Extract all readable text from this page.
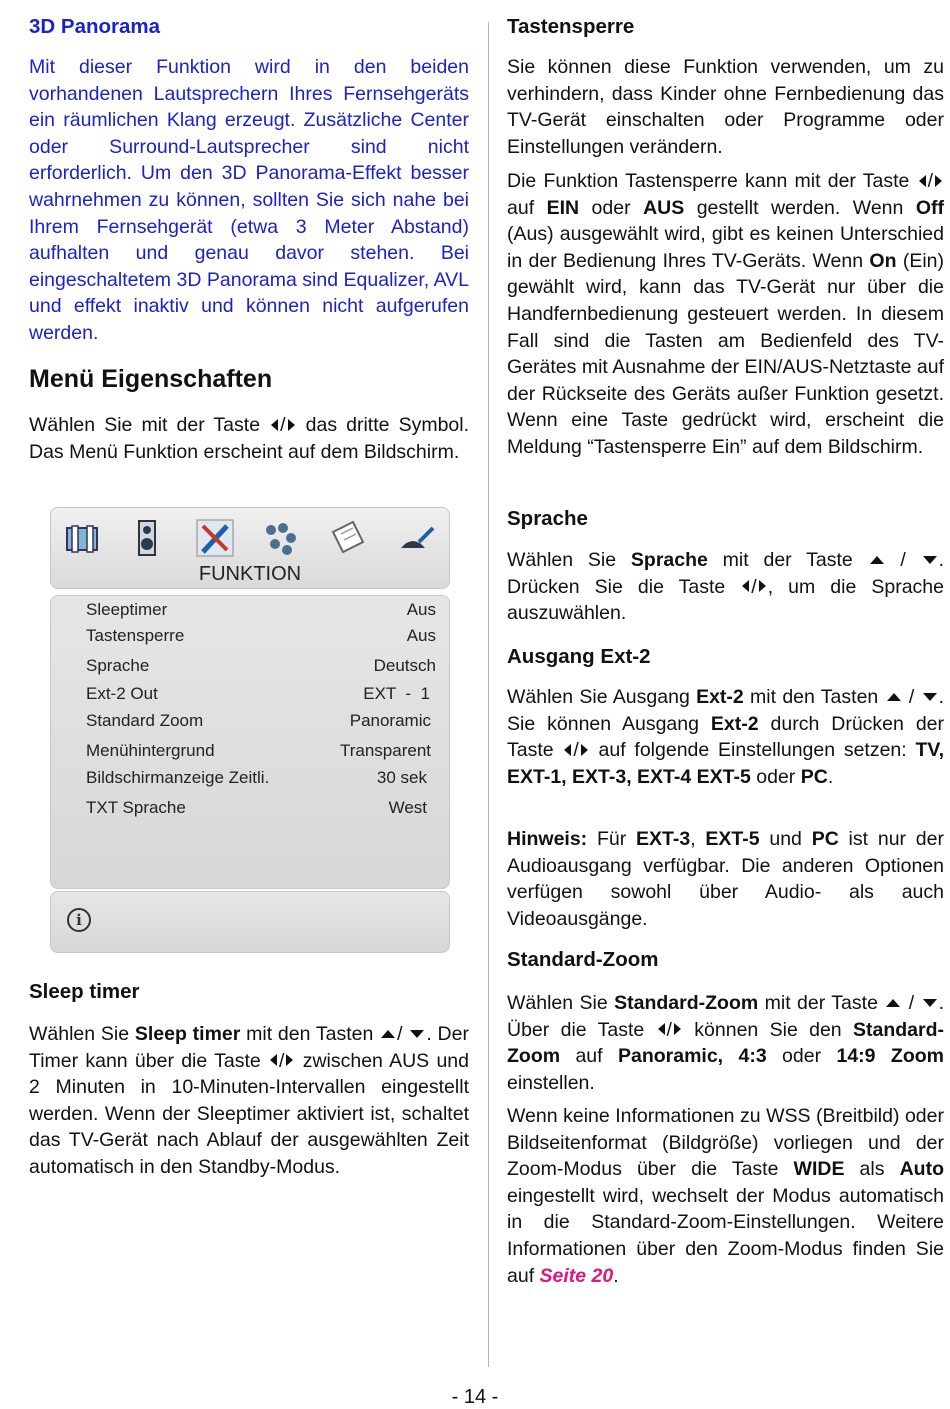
3D Panorama

Mit dieser Funktion wird in den beiden vorhandenen Lautsprechern Ihres Fernsehgeräts ein räumlichen Klang erzeugt. Zusätzliche Center oder Surround-Lautsprecher sind nicht erforderlich. Um den 3D Panorama-Effekt besser wahrnehmen zu können, sollten Sie sich nahe bei Ihrem Fernsehgerät (etwa 3 Meter Abstand) aufhalten und genau davor stehen. Bei eingeschaltetem 3D Panorama sind Equalizer, AVL und effekt inaktiv und können nicht aufgerufen werden.

Menü Eigenschaften

Wählen Sie mit der Taste / das dritte Symbol. Das Menü Funktion erscheint auf dem Bildschirm.

Sleep timer

Wählen Sie Sleep timer mit den Tasten / . Der Timer kann über die Taste / zwischen AUS und 2 Minuten in 10-Minuten-Intervallen eingestellt werden. Wenn der Sleeptimer aktiviert ist, schaltet das TV-Gerät nach Ablauf der ausgewählten Zeit automatisch in den Standby-Modus.

FUNKTION
Sleeptimer	Aus
Tastensperre	Aus
Sprache	Deutsch
Ext-2 Out	EXT  -  1
Standard Zoom	Panoramic
Menühintergrund	Transparent
Bildschirmanzeige Zeitli.	30 sek
TXT Sprache	West
i
Tastensperre

Sie können diese Funktion verwenden, um zu verhindern, dass Kinder ohne Fernbedienung das TV-Gerät einschalten oder Programme oder Einstellungen verändern.

Die Funktion Tastensperre kann mit der Taste / auf EIN oder AUS gestellt werden. Wenn Off (Aus) ausgewählt wird, gibt es keinen Unterschied in der Bedienung Ihres TV-Geräts. Wenn On (Ein) gewählt wird, kann das TV-Gerät nur über die Handfernbedienung gesteuert werden. In diesem Fall sind die Tasten am Bedienfeld des TV-Gerätes mit Ausnahme der EIN/AUS-Netztaste auf der Rückseite des Geräts außer Funktion gesetzt. Wenn eine Taste gedrückt wird, erscheint die Meldung “Tastensperre Ein” auf dem Bildschirm.

Sprache

Wählen Sie Sprache mit der Taste  / . Drücken Sie die Taste / , um die Sprache auszuwählen.

Ausgang Ext-2

Wählen Sie Ausgang Ext-2 mit den Tasten  / . Sie können Ausgang Ext-2 durch Drücken der Taste / auf folgende Einstellungen setzen: TV, EXT-1, EXT-3, EXT-4 EXT-5 oder PC.

Hinweis: Für EXT-3, EXT-5 und PC ist nur der Audioausgang verfügbar. Die anderen Optionen verfügen sowohl über Audio- als auch Videoausgänge.

Standard-Zoom

Wählen Sie Standard-Zoom mit der Taste  / . Über die Taste / können Sie den Standard-Zoom auf Panoramic, 4:3 oder 14:9 Zoom einstellen.

Wenn keine Informationen zu WSS (Breitbild) oder Bildseitenformat (Bildgröße) vorliegen und der Zoom-Modus über die Taste WIDE als Auto eingestellt wird, wechselt der Modus automatisch in die Standard-Zoom-Einstellungen. Weitere Informationen über den Zoom-Modus finden Sie auf Seite 20.

- 14 -
